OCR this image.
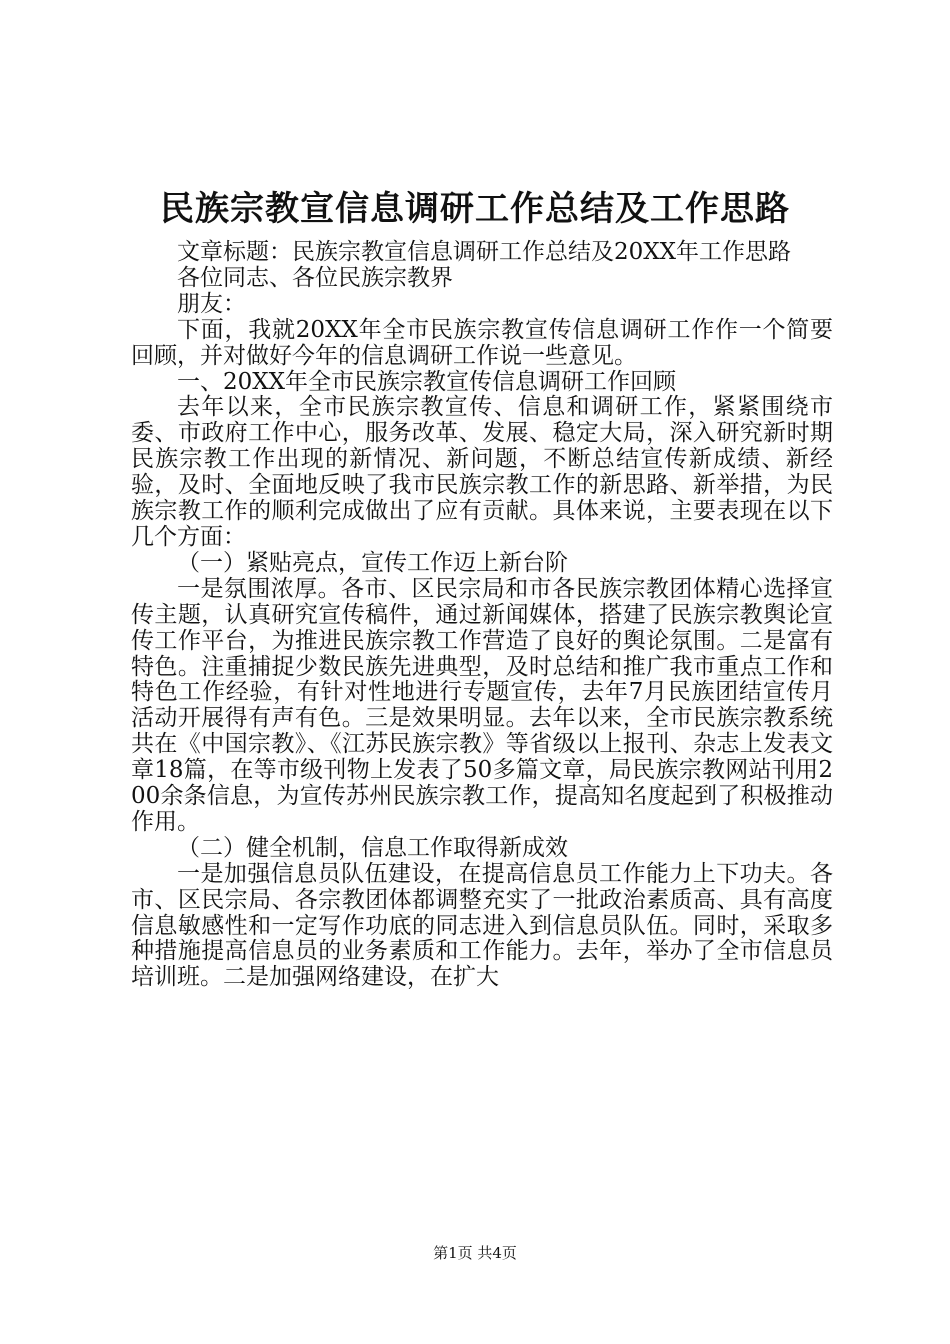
民族宗教宣信息调研工作总结及工作思路

文章标题：民族宗教宣信息调研工作总结及20XX年工作思路

各位同志、各位民族宗教界

朋友：

下面，我就20XX年全市民族宗教宣传信息调研工作作一个简要回顾，并对做好今年的信息调研工作说一些意见。

一、20XX年全市民族宗教宣传信息调研工作回顾

去年以来，全市民族宗教宣传、信息和调研工作，紧紧围绕市委、市政府工作中心，服务改革、发展、稳定大局，深入研究新时期民族宗教工作出现的新情况、新问题，不断总结宣传新成绩、新经验，及时、全面地反映了我市民族宗教工作的新思路、新举措，为民族宗教工作的顺利完成做出了应有贡献。具体来说，主要表现在以下几个方面：

（一）紧贴亮点，宣传工作迈上新台阶

一是氛围浓厚。各市、区民宗局和市各民族宗教团体精心选择宣传主题，认真研究宣传稿件，通过新闻媒体，搭建了民族宗教舆论宣传工作平台，为推进民族宗教工作营造了良好的舆论氛围。二是富有特色。注重捕捉少数民族先进典型，及时总结和推广我市重点工作和特色工作经验，有针对性地进行专题宣传，去年7月民族团结宣传月活动开展得有声有色。三是效果明显。去年以来，全市民族宗教系统共在《中国宗教》、《江苏民族宗教》等省级以上报刊、杂志上发表文章18篇，在等市级刊物上发表了50多篇文章，局民族宗教网站刊用200余条信息，为宣传苏州民族宗教工作，提高知名度起到了积极推动作用。

（二）健全机制，信息工作取得新成效

一是加强信息员队伍建设，在提高信息员工作能力上下功夫。各市、区民宗局、各宗教团体都调整充实了一批政治素质高、具有高度信息敏感性和一定写作功底的同志进入到信息员队伍。同时，采取多种措施提高信息员的业务素质和工作能力。去年，举办了全市信息员培训班。二是加强网络建设，在扩大

第1页 共4页
